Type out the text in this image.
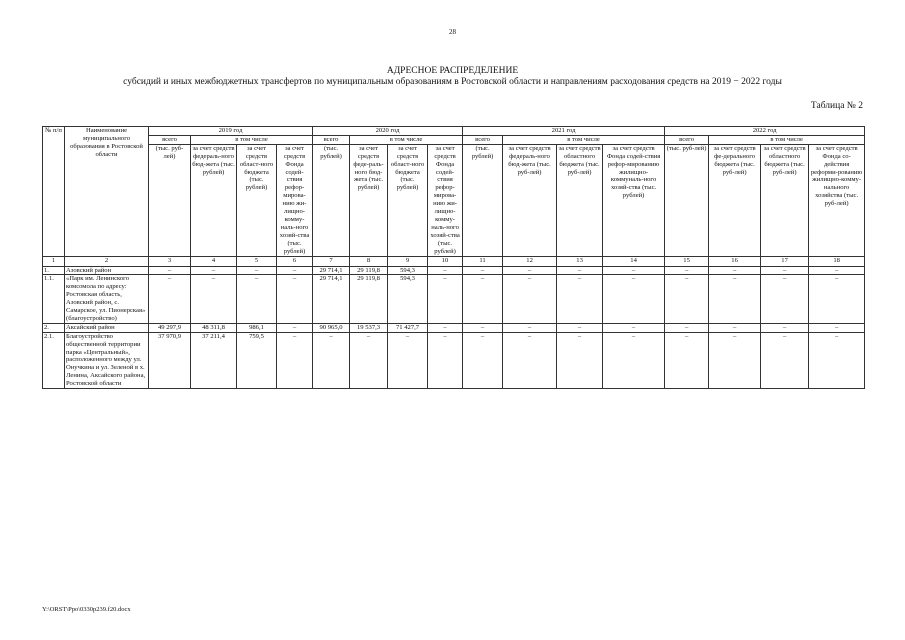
28
АДРЕСНОЕ РАСПРЕДЕЛЕНИЕ
субсидий и иных межбюджетных трансфертов по муниципальным образованиям в Ростовской области и направлениям расходования средств на 2019 − 2022 годы
Таблица № 2
№ п/п	Наименование муниципального образования в Ростовской области	2019 год				2020 год				2021 год				2022 год			
		всего	в том числе			всего	в том числе			всего	в том числе			всего	в том числе		
		(тыс. руб-лей)	за счет средств федераль-ного бюд-жета (тыс. рублей)	за счет средств област-ного бюджета (тыс. рублей)	за счет средств Фонда содей-ствия рефор-мирова-нию жи-лищно-комму-наль-ного хозяй-ства (тыс. рублей)	(тыс. рублей)	за счет средств феде-раль-ного бюд-жета (тыс. рублей)	за счет средств област-ного бюджета (тыс. рублей)	за счет средств Фонда содей-ствия рефор-мирова-нию жи-лищно-комму-наль-ного хозяй-ства (тыс. рублей)	(тыс. рублей)	за счет средств федераль-ного бюд-жета (тыс. руб-лей)	за счет средств областного бюджета (тыс. руб-лей)	за счет средств Фонда содей-ствия рефор-мированию жилищно-коммуналь-ного хозяй-ства (тыс. рублей)	(тыс. руб-лей)	за счет средств фе-дерального бюджета (тыс. руб-лей)	за счет средств областного бюджета (тыс. руб-лей)	за счет средств Фонда со-действия реформи-рованию жилищно-комму-нального хозяйства (тыс. руб-лей)
1	2	3	4	5	6	7	8	9	10	11	12	13	14	15	16	17	18
1.	Азовский район	–	–	–	–	29 714,1	29 119,8	594,3	–	–	–	–	–	–	–	–	–
1.1.	«Парк им. Ленинского комсомола по адресу: Ростовская область, Азовский район, с. Самарское, ул. Пионерская» (благоустройство)	–	–	–	–	29 714,1	29 119,8	594,3	–	–	–	–	–	–	–	–	–
2.	Аксайский район	49 297,9	48 311,8	986,1	–	90 965,0	19 537,3	71 427,7	–	–	–	–	–	–	–	–	–
2.1.	Благоустройство общественной территории парка «Центральный», расположенного между ул. Онучкина и ул. Зеленой в х. Ленина, Аксайского района, Ростовской области	37 970,9	37 211,4	759,5	–	–	–	–	–	–	–	–	–	–	–	–	–
Y:\ORST\Ppo\0330p239.f20.docx
